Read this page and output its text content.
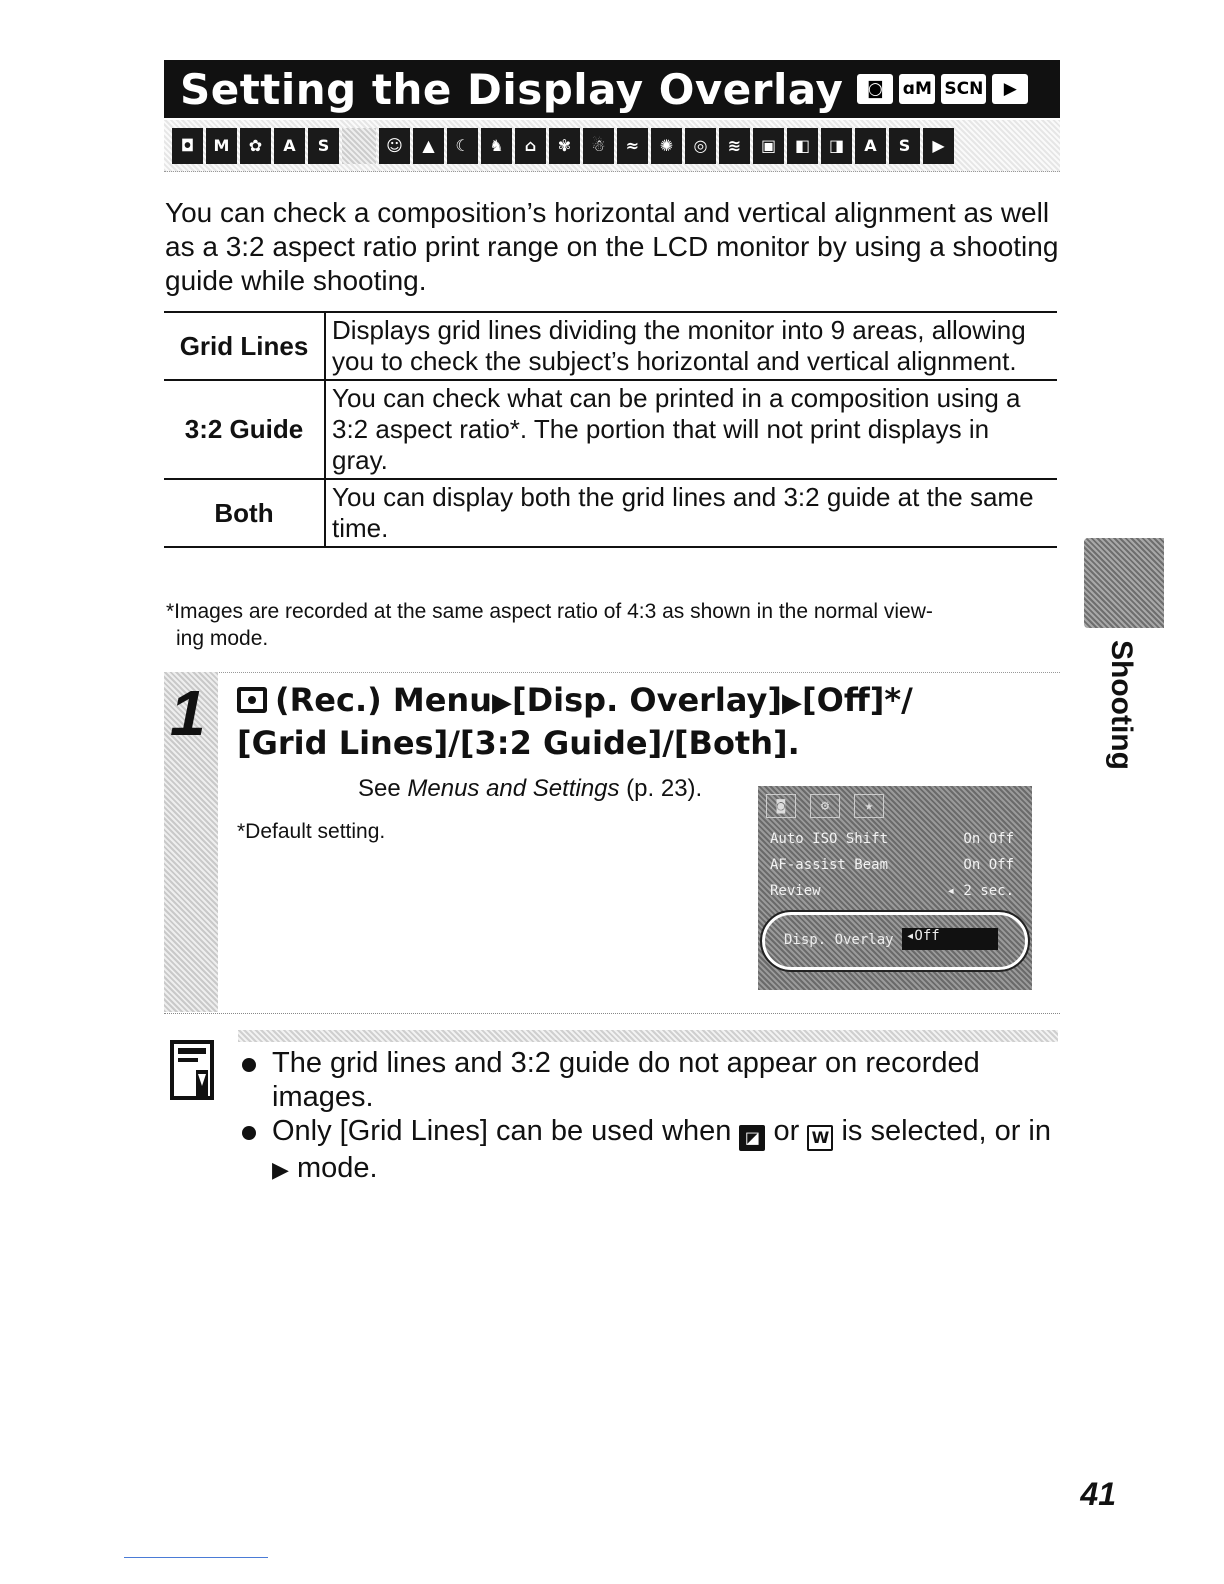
Setting the Display Overlay	◙	ɑM SCN	▶
◘	M	✿	A	S	☺	▲	☾	♞	⌂	✾	☃	≈	✺	◎	≋	▣	◧	◨	A	S	▶
You can check a composition’s horizontal and vertical alignment as well as a 3:2 aspect ratio print range on the LCD monitor by using a shooting guide while shooting.
Grid Lines	Displays grid lines dividing the monitor into 9 areas, allowing you to check the subject’s horizontal and vertical alignment.
3:2 Guide	You can check what can be printed in a composition using a 3:2 aspect ratio*. The portion that will not print displays in gray.
Both	You can display both the grid lines and 3:2 guide at the same time.
*Images are recorded at the same aspect ratio of 4:3 as shown in the normal view-
ing mode.
1	(Rec.) Menu▶[Disp. Overlay]▶[Off]*/
[Grid Lines]/[3:2 Guide]/[Both].
See Menus and Settings (p. 23).
*Default setting.
◙	⚙	★
Auto ISO Shift	On Off
AF-assist Beam	On Off
Review	◂ 2 sec.
Disp. Overlay ◂Off
The grid lines and 3:2 guide do not appear on recorded images.
Only [Grid Lines] can be used when ◪ or W is selected, or in ▶ mode.
Shooting
41
